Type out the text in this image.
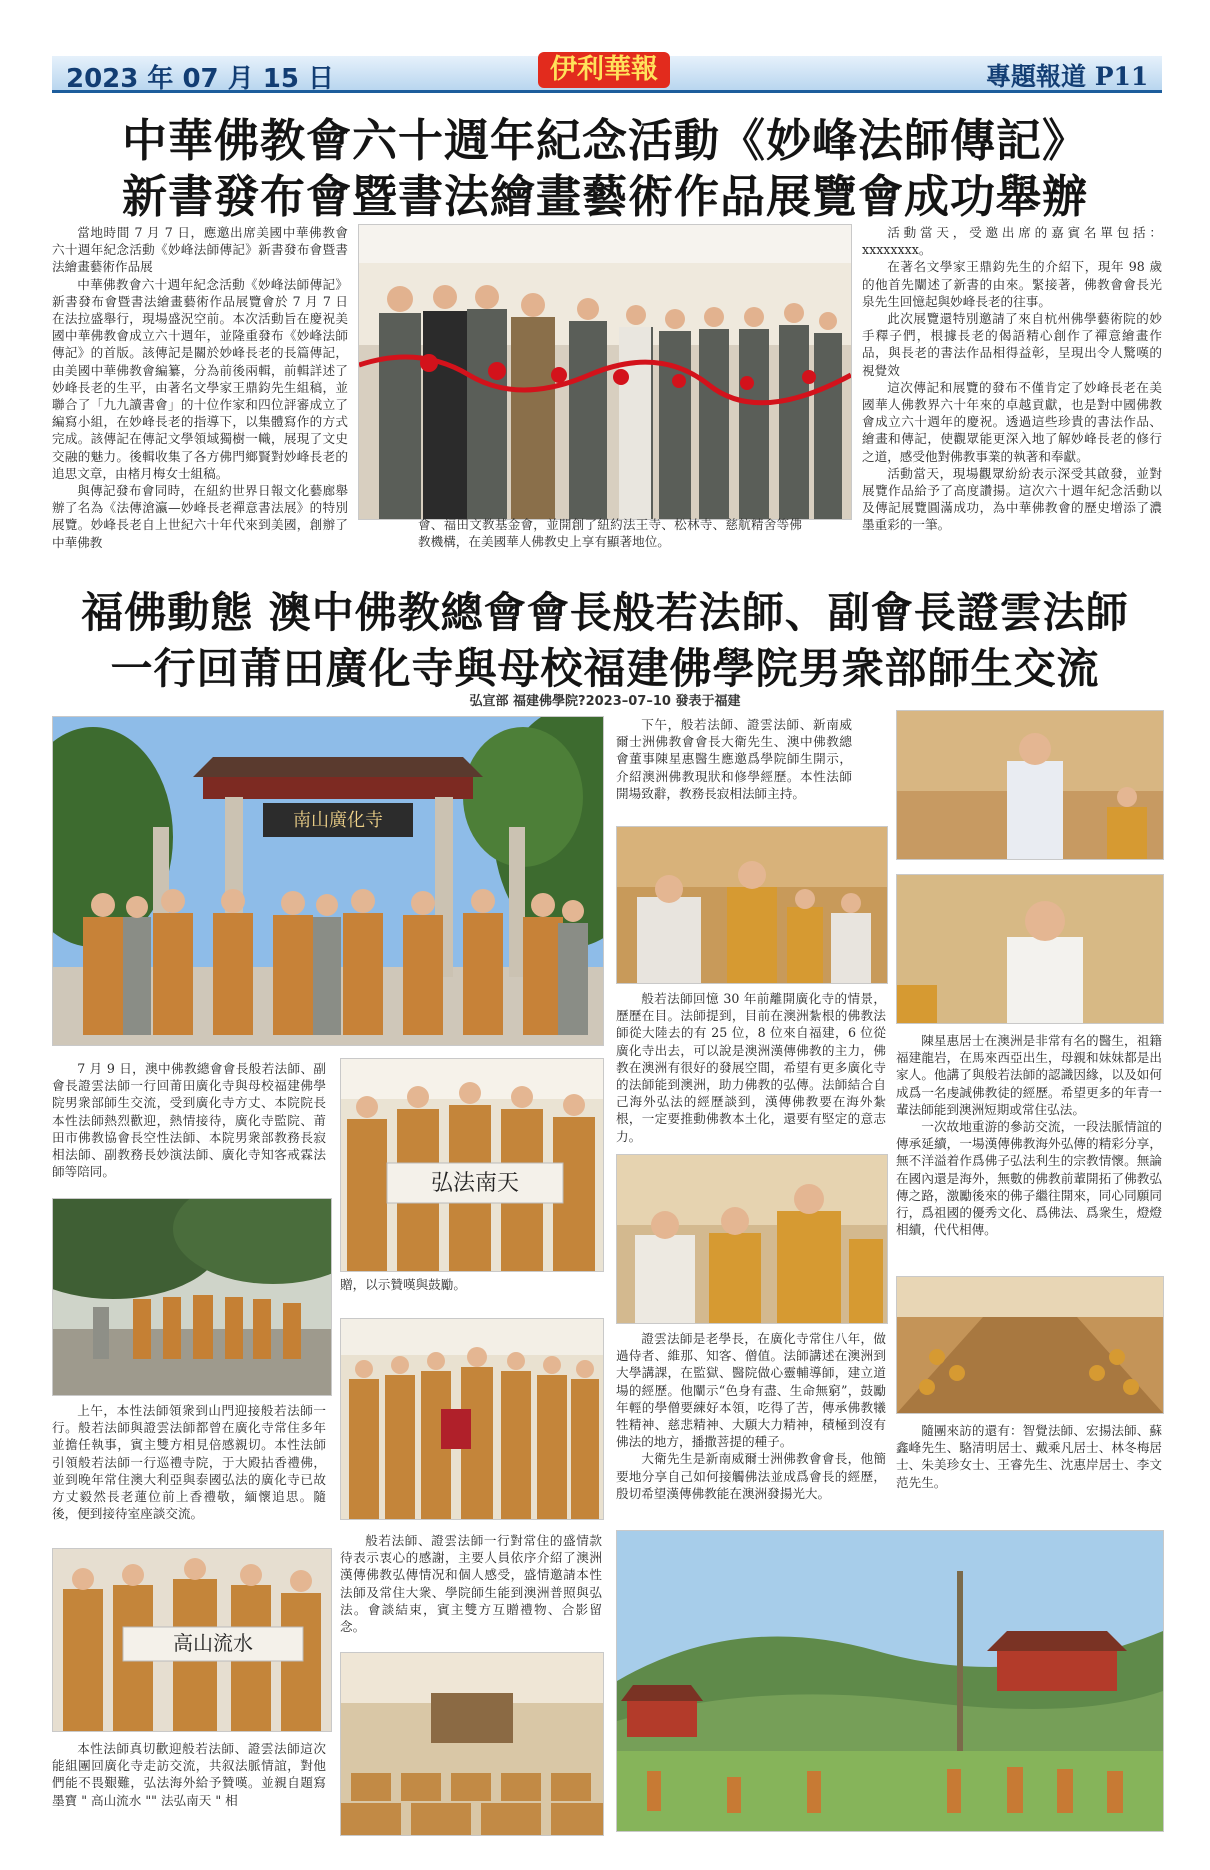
2023 年 07 月 15 日	伊利華報	專題報道 P11
中華佛教會六十週年紀念活動《妙峰法師傳記》
新書發布會暨書法繪畫藝術作品展覽會成功舉辦

當地時間 7 月 7 日，應邀出席美國中華佛教會六十週年紀念活動《妙峰法師傳記》新書發布會暨書法繪畫藝術作品展

中華佛教會六十週年紀念活動《妙峰法師傳記》新書發布會暨書法繪畫藝術作品展覽會於 7 月 7 日在法拉盛舉行，現場盛況空前。本次活動旨在慶祝美國中華佛教會成立六十週年，並隆重發布《妙峰法師傳記》的首版。該傳記是關於妙峰長老的長篇傳記，由美國中華佛教會編纂，分為前後兩輯，前輯詳述了妙峰長老的生平，由著名文學家王鼎鈞先生組稿，並聯合了「九九讀書會」的十位作家和四位評審成立了編寫小組，在妙峰長老的指導下，以集體寫作的方式完成。該傳記在傳記文學領域獨樹一幟，展現了文史交融的魅力。後輯收集了各方佛門鄉賢對妙峰長老的追思文章，由楮月梅女士組稿。

與傳記發布會同時，在紐約世界日報文化藝廊舉辦了名為《法傳滄瀛—妙峰長老禪意書法展》的特別展覽。妙峰長老自上世紀六十年代來到美國，創辦了中華佛教

會、福田文教基金會，並開創了紐約法王寺、松林寺、慈航精舍等佛教機構，在美國華人佛教史上享有顯著地位。

活動當天，受邀出席的嘉賓名單包括：xxxxxxxx。

在著名文學家王鼎鈞先生的介紹下，現年 98 歲的他首先闡述了新書的由來。緊接著，佛教會會長光泉先生回憶起與妙峰長老的往事。

此次展覽還特別邀請了來自杭州佛學藝術院的妙手釋子們，根據長老的偈語精心創作了禪意繪畫作品，與長老的書法作品相得益彰，呈現出令人驚嘆的視覺效

這次傳記和展覽的發布不僅肯定了妙峰長老在美國華人佛教界六十年來的卓越貢獻，也是對中國佛教會成立六十週年的慶祝。透過這些珍貴的書法作品、繪畫和傳記，使觀眾能更深入地了解妙峰長老的修行之道，感受他對佛教事業的執著和奉獻。

活動當天，現場觀眾紛紛表示深受其啟發，並對展覽作品給予了高度讚揚。這次六十週年紀念活動以及傳記展覽圓滿成功，為中華佛教會的歷史增添了濃墨重彩的一筆。

福佛動態 澳中佛教總會會長般若法師、副會長證雲法師
一行回莆田廣化寺與母校福建佛學院男衆部師生交流
弘宣部 福建佛學院?2023–07–10 發表于福建
南山廣化寺

7 月 9 日，澳中佛教總會會長般若法師、副會長證雲法師一行回莆田廣化寺與母校福建佛學院男衆部師生交流，受到廣化寺方丈、本院院長本性法師熱烈歡迎，熱情接待，廣化寺監院、莆田市佛教協會長空性法師、本院男衆部教務長寂相法師、副教務長妙演法師、廣化寺知客戒霖法師等陪同。

上午，本性法師領衆到山門迎接般若法師一行。般若法師與證雲法師都曾在廣化寺常住多年並擔任執事，賓主雙方相見倍感親切。本性法師引領般若法師一行巡禮寺院，于大殿拈香禮佛，並到晚年常住澳大利亞與泰國弘法的廣化寺已故方丈毅然長老蓮位前上香禮敬，緬懷追思。隨後，便到接待室座談交流。

高山流水

本性法師真切歡迎般若法師、證雲法師這次能組團回廣化寺走訪交流，共叙法脈情誼，對他們能不畏艱難，弘法海外給予贊嘆。並親自題寫墨寶 " 高山流水 "" 法弘南天 " 相

弘法南天

贈，以示贊嘆與鼓勵。

般若法師、證雲法師一行對常住的盛情款待表示衷心的感謝，主要人員依序介紹了澳洲漢傳佛教弘傳情况和個人感受，盛情邀請本性法師及常住大衆、學院師生能到澳洲普照與弘法。會談結束，賓主雙方互贈禮物、合影留念。

下午，般若法師、證雲法師、新南威爾士洲佛教會會長大衛先生、澳中佛教總會董事陳星惠醫生應邀爲學院師生開示，介紹澳洲佛教現狀和修學經歷。本性法師開場致辭，教務長寂相法師主持。

般若法師回憶 30 年前離開廣化寺的情景，歷歷在目。法師提到，目前在澳洲紮根的佛教法師從大陸去的有 25 位，8 位來自福建，6 位從廣化寺出去，可以說是澳洲漢傳佛教的主力，佛教在澳洲有很好的發展空間，希望有更多廣化寺的法師能到澳洲，助力佛教的弘傳。法師結合自己海外弘法的經歷談到，漢傳佛教要在海外紮根，一定要推動佛教本土化，還要有堅定的意志力。

證雲法師是老學長，在廣化寺常住八年，做過侍者、維那、知客、僧值。法師講述在澳洲到大學講課，在監獄、醫院做心靈輔導師，建立道場的經歷。他闡示“色身有盡、生命無窮”，鼓勵年輕的學僧要練好本領，吃得了苦，傳承佛教犧牲精神、慈悲精神、大願大力精神，積極到沒有佛法的地方，播撒菩提的種子。

大衛先生是新南威爾士洲佛教會會長，他簡要地分享自己如何接觸佛法並成爲會長的經歷，殷切希望漢傳佛教能在澳洲發揚光大。

陳星惠居士在澳洲是非常有名的醫生，祖籍福建龍岩，在馬來西亞出生，母親和妹妹都是出家人。他講了與般若法師的認識因緣，以及如何成爲一名虔誠佛教徒的經歷。希望更多的年青一輩法師能到澳洲短期或常住弘法。

一次故地重游的參訪交流，一段法脈情誼的傳承延續，一場漢傳佛教海外弘傳的精彩分享，無不洋溢着作爲佛子弘法利生的宗教情懷。無論在國內還是海外，無數的佛教前輩開拓了佛教弘傳之路，激勵後來的佛子繼往開來，同心同願同行，爲祖國的優秀文化、爲佛法、爲衆生，燈燈相續，代代相傳。

隨團來訪的還有：智覺法師、宏揚法師、蘇鑫峰先生、駱清明居士、戴乘凡居士、林冬梅居士、朱美珍女士、王睿先生、沈惠岸居士、李文范先生。
